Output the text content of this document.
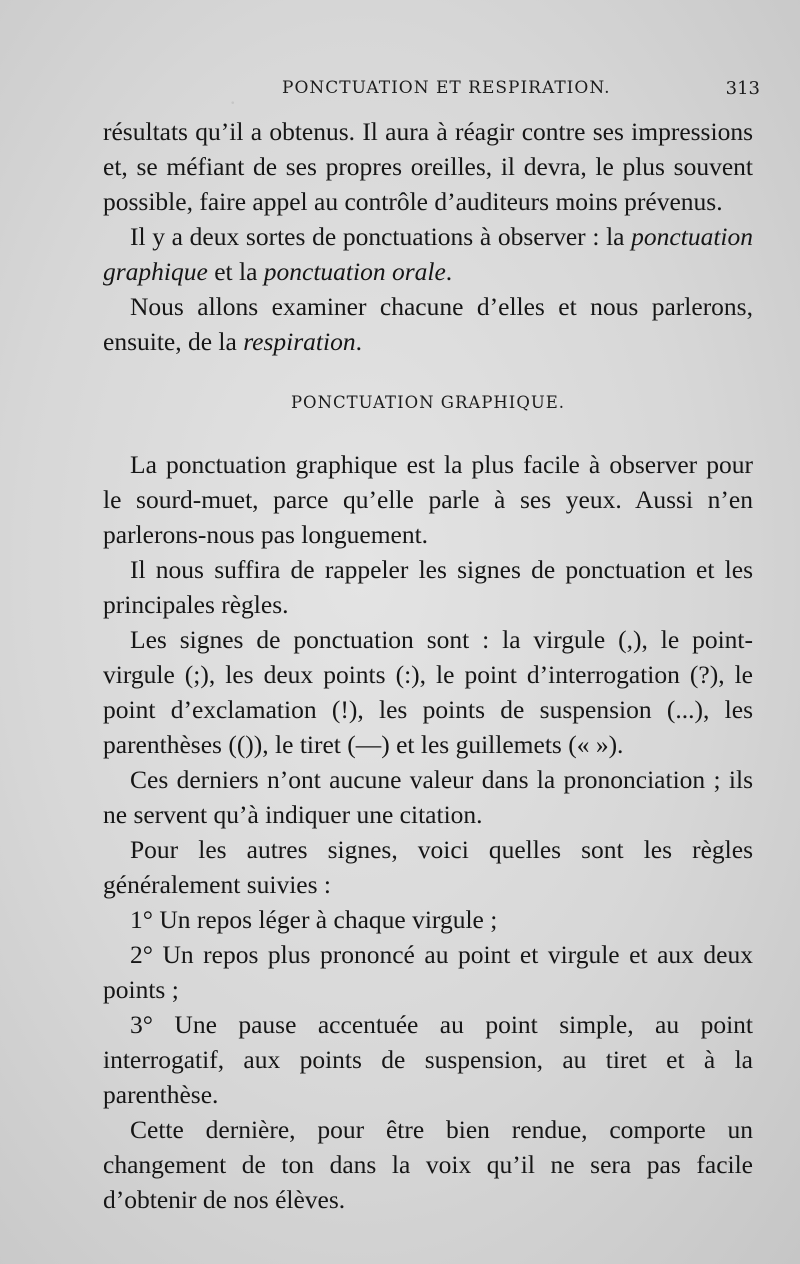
.	PONCTUATION ET RESPIRATION.	313

résultats qu’il a obtenus. Il aura à réagir contre ses impressions et, se méfiant de ses propres oreilles, il devra, le plus souvent possible, faire appel au contrôle d’auditeurs moins prévenus.

Il y a deux sortes de ponctuations à observer : la ponctuation graphique et la ponctuation orale.

Nous allons examiner chacune d’elles et nous parlerons, ensuite, de la respiration.

PONCTUATION GRAPHIQUE.

La ponctuation graphique est la plus facile à observer pour le sourd-muet, parce qu’elle parle à ses yeux. Aussi n’en parlerons-nous pas longuement.

Il nous suffira de rappeler les signes de ponctuation et les principales règles.

Les signes de ponctuation sont : la virgule (,), le point-virgule (;), les deux points (:), le point d’interrogation (?), le point d’exclamation (!), les points de suspension (...), les parenthèses (()), le tiret (—) et les guillemets (« »).

Ces derniers n’ont aucune valeur dans la prononciation ; ils ne servent qu’à indiquer une citation.

Pour les autres signes, voici quelles sont les règles généralement suivies :

1° Un repos léger à chaque virgule ;

2° Un repos plus prononcé au point et virgule et aux deux points ;

3° Une pause accentuée au point simple, au point interrogatif, aux points de suspension, au tiret et à la parenthèse.

Cette dernière, pour être bien rendue, comporte un changement de ton dans la voix qu’il ne sera pas facile d’obtenir de nos élèves.
